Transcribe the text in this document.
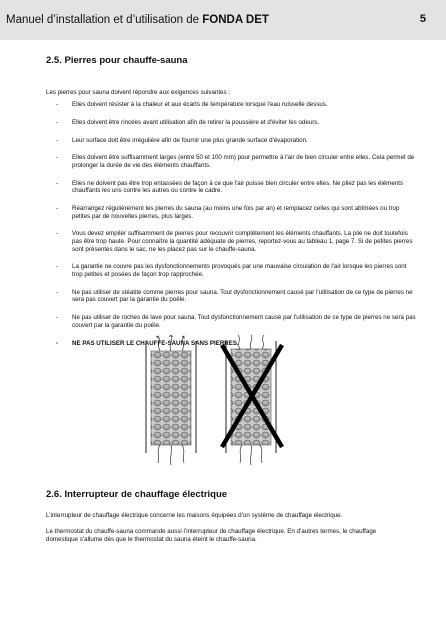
Manuel d’installation et d’utilisation de FONDA DET	5
2.5. Pierres pour chauffe-sauna
Les pierres pour sauna doivent répondre aux exigences suivantes :
- Elles doivent résister à la chaleur et aux écarts de température lorsque l'eau ruisselle dessus.
- Elles doivent être rincées avant utilisation afin de retirer la poussière et d'éviter les odeurs.
- Leur surface doit être irrégulière afin de fournir une plus grande surface d'évaporation.
- Elles doivent être suffisamment larges (entre 50 et 100 mm) pour permettre à l'air de bien circuler entre elles. Cela permet de prolonger la durée de vie des éléments chauffants.
- Elles ne doivent pas être trop entassées de façon à ce que l'air puisse bien circuler entre elles. Ne pliez pas les éléments chauffants les uns contre les autres ou contre le cadre.
- Réarrangez régulièrement les pierres du sauna (au moins une fois par an) et remplacez celles qui sont abîmées ou trop petites par de nouvelles pierres, plus larges.
- Vous devez empiler suffisamment de pierres pour recouvrir complètement les éléments chauffants. La pile ne doit toutefois pas être trop haute. Pour connaître la quantité adéquate de pierres, reportez-vous au tableau 1, page 7. Si de petites pierres sont présentes dans le sac, ne les placez pas sur le chauffe-sauna.
- La garantie ne couvre pas les dysfonctionnements provoqués par une mauvaise circulation de l'air lorsque les pierres sont trop petites et posées de façon trop rapprochée.
- Ne pas utiliser de stéatite comme pierres pour sauna. Tout dysfonctionnement causé par l'utilisation de ce type de pierres ne sera pas couvert par la garantie du poêle.
- Ne pas utiliser de roches de lave pour sauna. Tout dysfonctionnement causé par l'utilisation de ce type de pierres ne sera pas couvert par la garantie du poêle.
- NE PAS UTILISER LE CHAUFFE-SAUNA SANS PIERRES.
2.6. Interrupteur de chauffage électrique
L’interrupteur de chauffage électrique concerne les maisons équipées d’un système de chauffage électrique.
Le thermostat du chauffe-sauna commande aussi l’interrupteur de chauffage électrique. En d’autres termes, le chauffage domestique s’allume dès que le thermostat du sauna éteint le chauffe-sauna.
